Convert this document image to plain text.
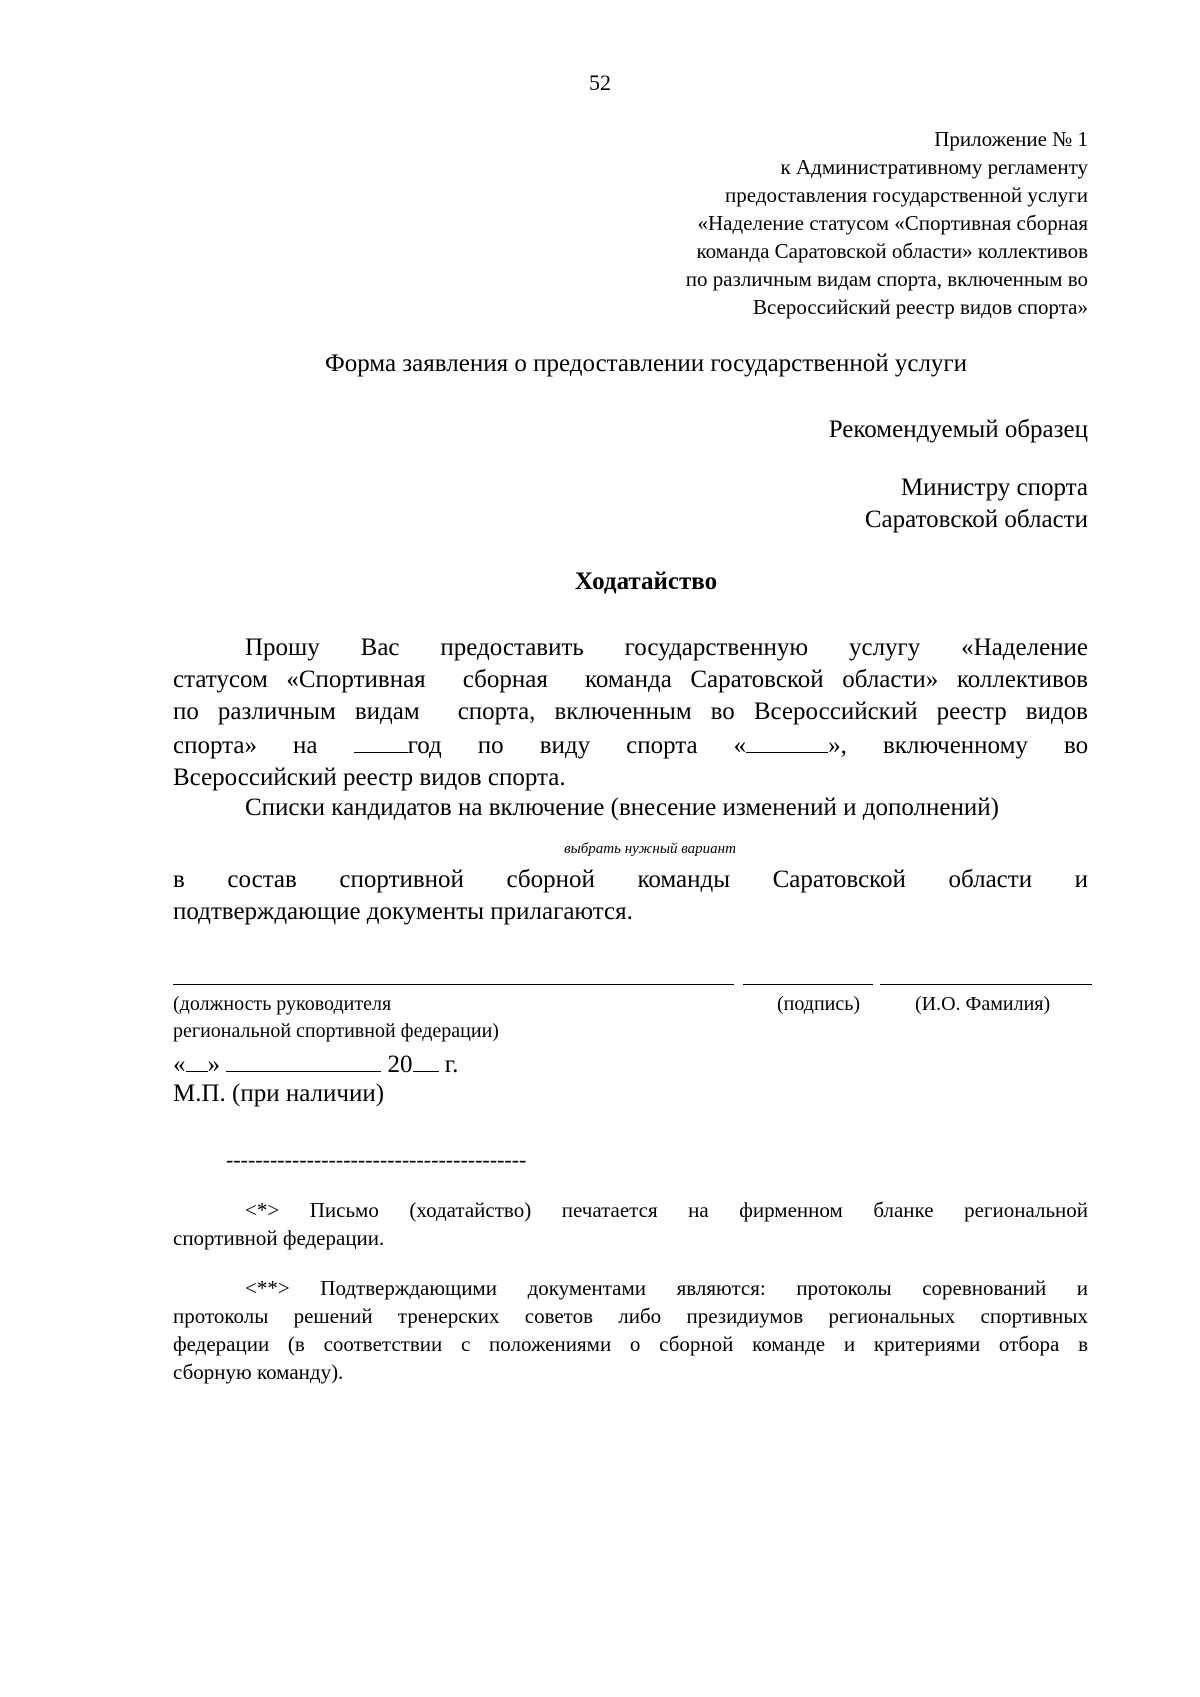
52
Приложение № 1
к Административному регламенту
предоставления государственной услуги
«Наделение статусом «Спортивная сборная
команда Саратовской области» коллективов
по различным видам спорта, включенным во
Всероссийский реестр видов спорта»
Форма заявления о предоставлении государственной услуги
Рекомендуемый образец
Министру спорта
Саратовской области
Ходатайство
Прошу Вас предоставить государственную услугу «Наделение
статусом «Спортивная  сборная  команда Саратовской области» коллективов
по различным видам  спорта, включенным во Всероссийский реестр видов
спорта» на	год по виду спорта «	», включенному во
Всероссийский реестр видов спорта.
Списки кандидатов на включение (внесение изменений и дополнений)
выбрать нужный вариант
в состав спортивной сборной команды Саратовской области и
подтверждающие документы прилагаются.
(должность руководителя
региональной спортивной федерации)
(подпись)	(И.О. Фамилия)
« »	20 г.
М.П. (при наличии)
-----------------------------------------
<*> Письмо (ходатайство) печатается на фирменном бланке региональной
спортивной федерации.
<**> Подтверждающими документами являются: протоколы соревнований и
протоколы решений тренерских советов либо президиумов региональных спортивных
федерации (в соответствии с положениями о сборной команде и критериями отбора в
сборную команду).
